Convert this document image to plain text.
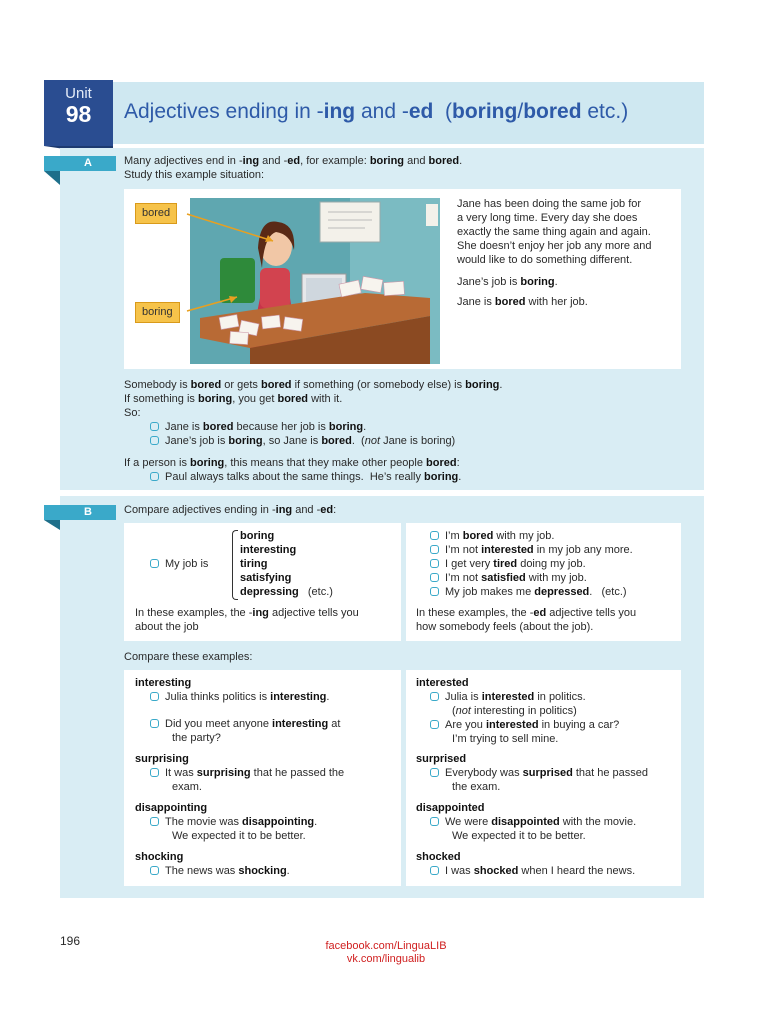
Unit
98	Adjectives ending in -ing and -ed  (boring/bored etc.)
A	Many adjectives end in -ing and -ed, for example: boring and bored.
Study this example situation:
bored
boring
Jane has been doing the same job for
a very long time. Every day she does
exactly the same thing again and again.
She doesn’t enjoy her job any more and
would like to do something different.
Jane’s job is boring.
Jane is bored with her job.
Somebody is bored or gets bored if something (or somebody else) is boring.
If something is boring, you get bored with it.
So:
Jane is bored because her job is boring.
Jane’s job is boring, so Jane is bored.  (not Jane is boring)
If a person is boring, this means that they make other people bored:
Paul always talks about the same things.  He’s really boring.
B	Compare adjectives ending in -ing and -ed:
My job is
boring
interesting
tiring
satisfying
depressing (etc.)
In these examples, the -ing adjective tells you
about the job
I’m bored with my job.
I’m not interested in my job any more.
I get very tired doing my job.
I’m not satisfied with my job.
My job makes me depressed.   (etc.)
In these examples, the -ed adjective tells you
how somebody feels (about the job).
Compare these examples:
interesting
Julia thinks politics is interesting.
Did you meet anyone interesting at
the party?
surprising
It was surprising that he passed the
exam.
disappointing
The movie was disappointing.
We expected it to be better.
shocking
The news was shocking.
interested
Julia is interested in politics.
(not interesting in politics)
Are you interested in buying a car?
I’m trying to sell mine.
surprised
Everybody was surprised that he passed
the exam.
disappointed
We were disappointed with the movie.
We expected it to be better.
shocked
I was shocked when I heard the news.
196	facebook.com/LinguaLIB
vk.com/lingualib
